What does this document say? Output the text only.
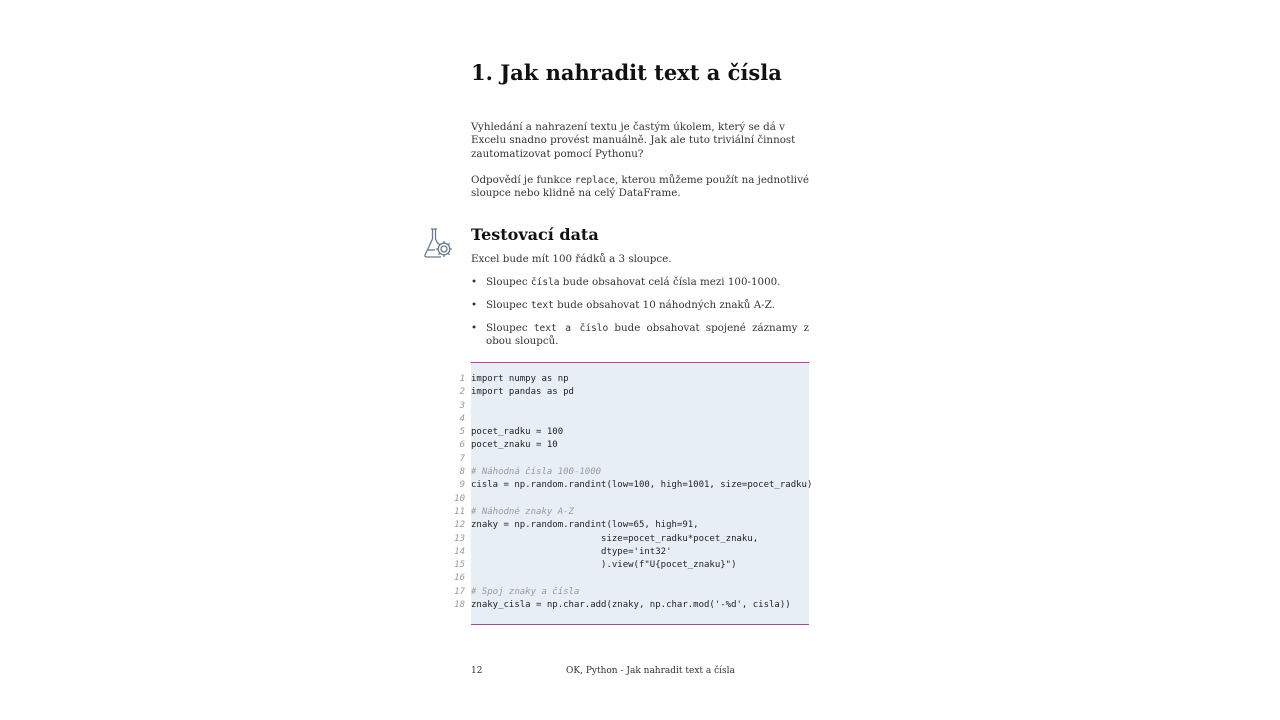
1. Jak nahradit text a čísla

Vyhledání a nahrazení textu je častým úkolem, který se dá v Excelu snadno provést manuálně. Jak ale tuto triviální činnost zautomatizovat pomocí Pythonu?

Odpovědí je funkce replace, kterou můžeme použít na jednotlivé sloupce nebo klidně na celý DataFrame.

Testovací data

Excel bude mít 100 řádků a 3 sloupce.

• Sloupec čísla bude obsahovat celá čísla mezi 100-1000.
• Sloupec text bude obsahovat 10 náhodných znaků A-Z.
• Sloupec text a číslo bude obsahovat spojené záznamy z obou sloupců.
1 import numpy as np
2 import pandas as pd
3
4
5 pocet_radku = 100
6 pocet_znaku = 10
7
8 # Náhodná čísla 100-1000
9 cisla = np.random.randint(low=100, high=1001, size=pocet_radku)
10
11 # Náhodné znaky A-Z
12 znaky = np.random.randint(low=65, high=91,
13 size=pocet_radku*pocet_znaku,
14 dtype='int32'
15 ).view(f"U{pocet_znaku}")
16
17 # Spoj znaky a čísla
18 znaky_cisla = np.char.add(znaky, np.char.mod('-%d', cisla))
12	OK, Python - Jak nahradit text a čísla
